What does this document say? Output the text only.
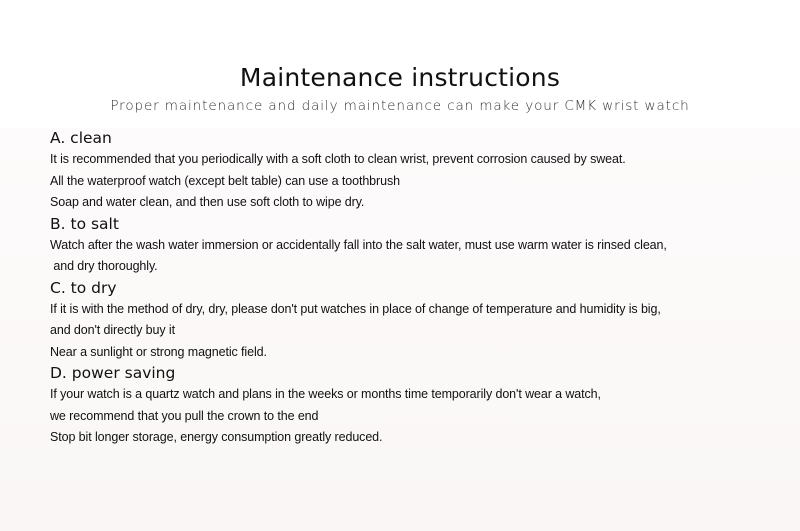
Maintenance instructions

Proper maintenance and daily maintenance can make your CMK wrist watch

A. clean
It is recommended that you periodically with a soft cloth to clean wrist, prevent corrosion caused by sweat.
All the waterproof watch (except belt table) can use a toothbrush
Soap and water clean, and then use soft cloth to wipe dry.
B. to salt
Watch after the wash water immersion or accidentally fall into the salt water, must use warm water is rinsed clean,
and dry thoroughly.
C. to dry
If it is with the method of dry, dry, please don't put watches in place of change of temperature and humidity is big,
and don't directly buy it
Near a sunlight or strong magnetic field.
D. power saving
If your watch is a quartz watch and plans in the weeks or months time temporarily don't wear a watch,
we recommend that you pull the crown to the end
Stop bit longer storage, energy consumption greatly reduced.
